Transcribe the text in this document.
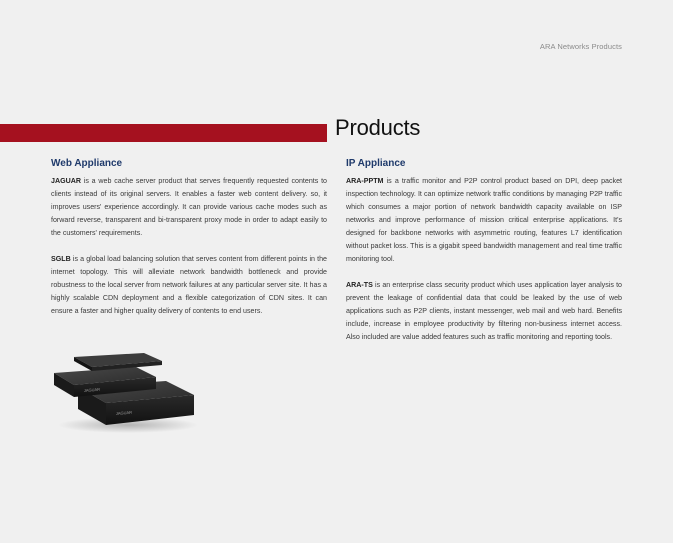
ARA Networks Products
Products
Web Appliance

JAGUAR is a web cache server product that serves frequently requested contents to clients instead of its original servers. It enables a faster web content delivery. so, it improves users' experience accordingly. It can provide various cache modes such as forward reverse, transparent and bi-transparent proxy mode in order to adapt easily to the customers' requirements.

SGLB is a global load balancing solution that serves content from different points in the internet topology. This will alleviate network bandwidth bottleneck and provide robustness to the local server from network failures at any particular server site. It has a highly scalable CDN deployment and a flexible categorization of CDN sites. It can ensure a faster and higher quality delivery of contents to end users.

IP Appliance

ARA-PPTM is a traffic monitor and P2P control product based on DPI, deep packet inspection technology. It can optimize network traffic conditions by managing P2P traffic which consumes a major portion of network bandwidth capacity available on ISP networks and improve performance of mission critical enterprise applications. It's designed for backbone networks with asymmetric routing, features L7 identification without packet loss. This is a gigabit speed bandwidth management and real time traffic monitoring tool.

ARA-TS is an enterprise class security product which uses application layer analysis to prevent the leakage of confidential data that could be leaked by the use of web applications such as P2P clients, instant messenger, web mail and web hard. Benefits include, increase in employee productivity by filtering non-business internet access. Also included are value added features such as traffic monitoring and reporting tools.

JAGUAR
JAGUAR
